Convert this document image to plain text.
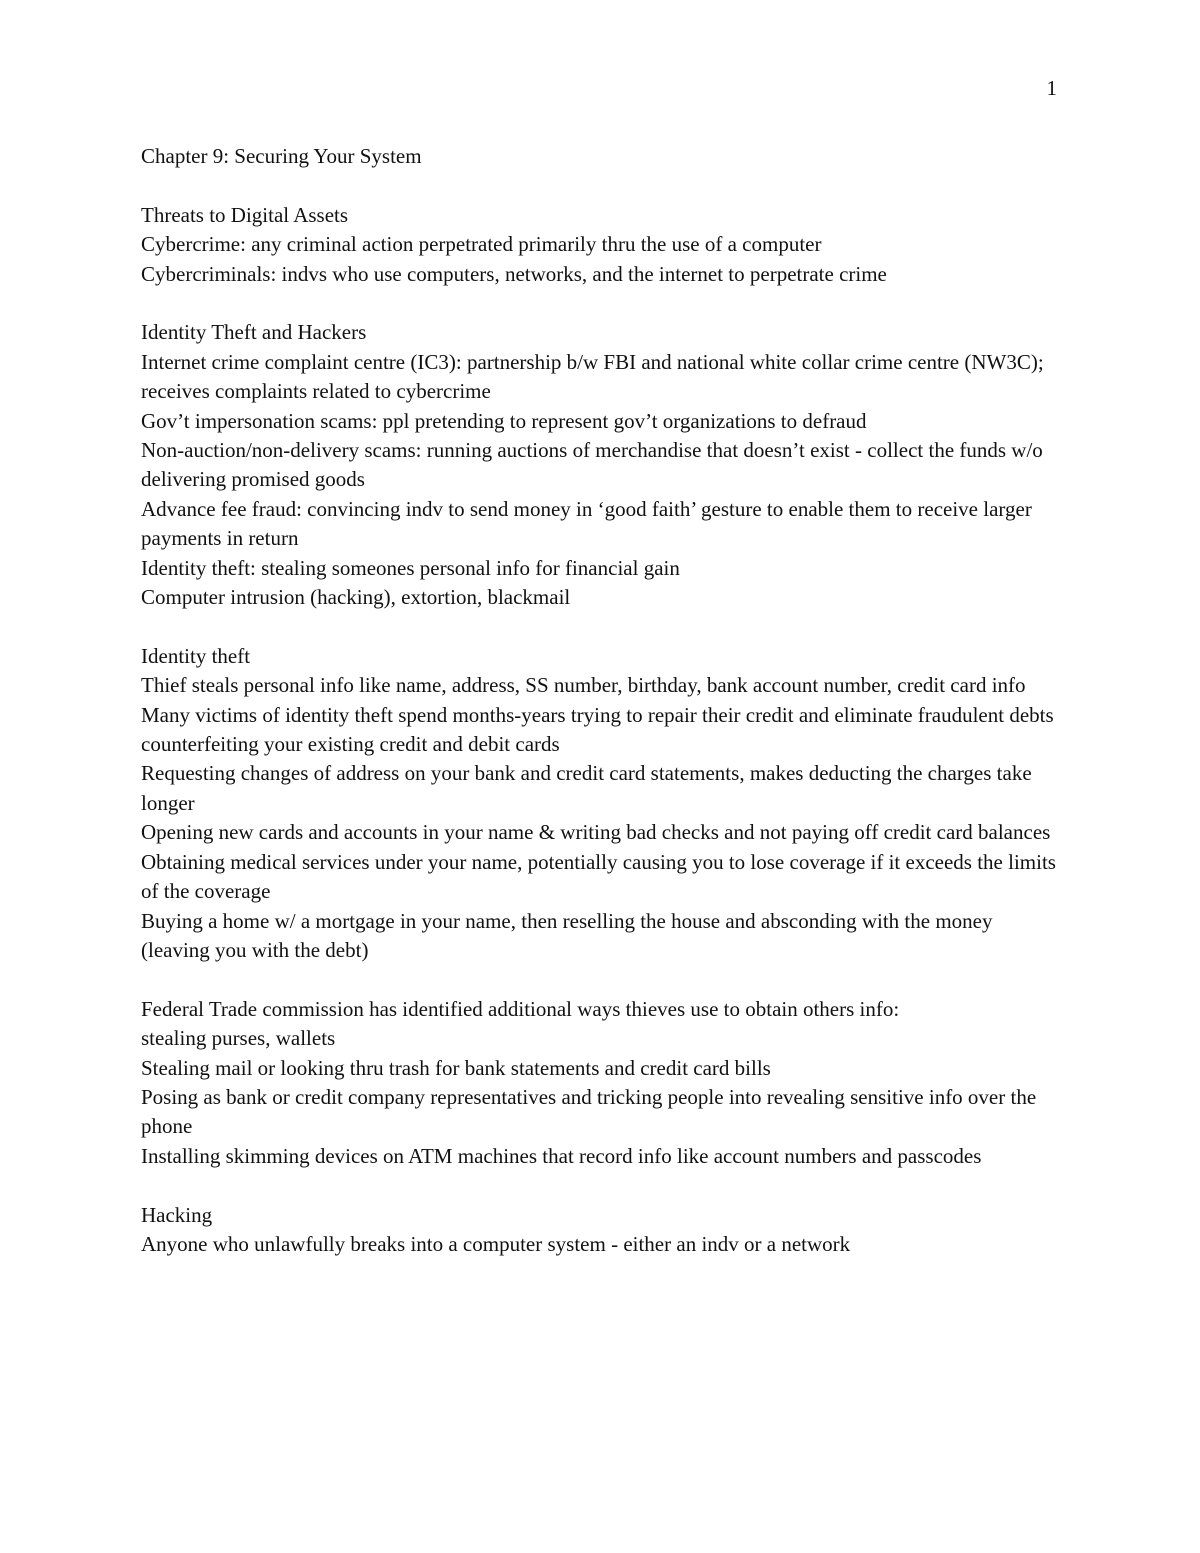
1

Chapter 9: Securing Your System

Threats to Digital Assets

Cybercrime: any criminal action perpetrated primarily thru the use of a computer

Cybercriminals: indvs who use computers, networks, and the internet to perpetrate crime

Identity Theft and Hackers

Internet crime complaint centre (IC3): partnership b/w FBI and national white collar crime centre (NW3C); receives complaints related to cybercrime

Gov’t impersonation scams: ppl pretending to represent gov’t organizations to defraud

Non-auction/non-delivery scams: running auctions of merchandise that doesn’t exist - collect the funds w/o delivering promised goods

Advance fee fraud: convincing indv to send money in ‘good faith’ gesture to enable them to receive larger payments in return

Identity theft: stealing someones personal info for financial gain

Computer intrusion (hacking), extortion, blackmail

Identity theft

Thief steals personal info like name, address, SS number, birthday, bank account number, credit card info

Many victims of identity theft spend months-years trying to repair their credit and eliminate fraudulent debts

counterfeiting your existing credit and debit cards

Requesting changes of address on your bank and credit card statements, makes deducting the charges take longer

Opening new cards and accounts in your name & writing bad checks and not paying off credit card balances

Obtaining medical services under your name, potentially causing you to lose coverage if it exceeds the limits of the coverage

Buying a home w/ a mortgage in your name, then reselling the house and absconding with the money (leaving you with the debt)

Federal Trade commission has identified additional ways thieves use to obtain others info:

stealing purses, wallets

Stealing mail or looking thru trash for bank statements and credit card bills

Posing as bank or credit company representatives and tricking people into revealing sensitive info over the phone

Installing skimming devices on ATM machines that record info like account numbers and passcodes

Hacking

Anyone who unlawfully breaks into a computer system - either an indv or a network
